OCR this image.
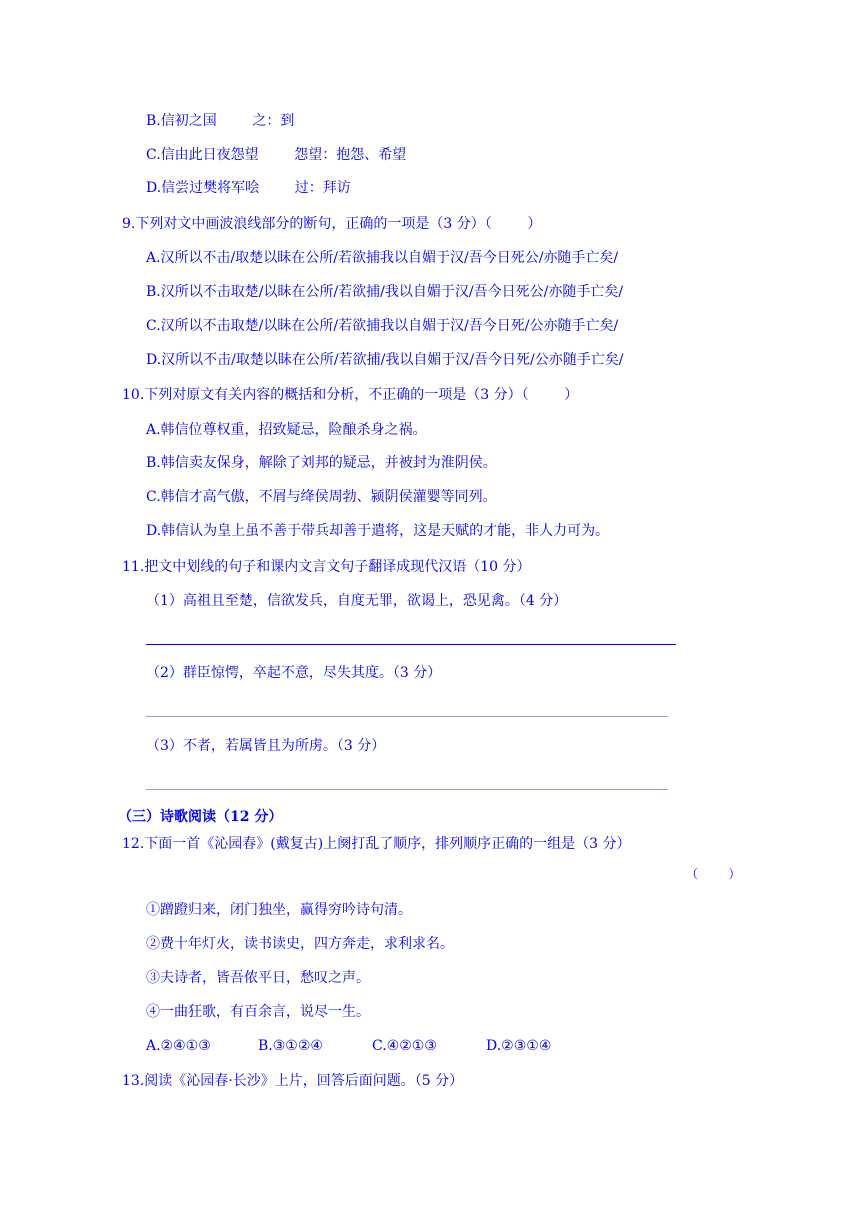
B.信初之国        之：到
C.信由此日夜怨望        怨望：抱怨、希望
D.信尝过樊将军哙        过：拜访
9.下列对文中画波浪线部分的断句，正确的一项是（3 分）（        ）
A.汉所以不击/取楚以眛在公所/若欲捕我以自媚于汉/吾今日死公/亦随手亡矣/
B.汉所以不击取楚/以眛在公所/若欲捕/我以自媚于汉/吾今日死公/亦随手亡矣/
C.汉所以不击取楚/以眛在公所/若欲捕我以自媚于汉/吾今日死/公亦随手亡矣/
D.汉所以不击/取楚以眛在公所/若欲捕/我以自媚于汉/吾今日死/公亦随手亡矣/
10.下列对原文有关内容的概括和分析，不正确的一项是（3 分）（        ）
A.韩信位尊权重，招致疑忌，险酿杀身之祸。
B.韩信卖友保身，解除了刘邦的疑忌，并被封为淮阴侯。
C.韩信才高气傲，不屑与绛侯周勃、颍阴侯灌婴等同列。
D.韩信认为皇上虽不善于带兵却善于遣将，这是天赋的才能，非人力可为。
11.把文中划线的句子和课内文言文句子翻译成现代汉语（10 分）
（1）高祖且至楚，信欲发兵，自度无罪，欲谒上，恐见禽。（4 分）
（2）群臣惊愕，卒起不意，尽失其度。（3 分）
（3）不者，若属皆且为所虏。（3 分）
（三）诗歌阅读（12 分）
12.下面一首《沁园春》(戴复古)上阕打乱了顺序，排列顺序正确的一组是（3 分）
（        ）
①蹭蹬归来，闭门独坐，赢得穷吟诗句清。
②费十年灯火，读书读史，四方奔走，求利求名。
③夫诗者，皆吾侬平日，愁叹之声。
④一曲狂歌，有百余言，说尽一生。
A.②④①③	B.③①②④	C.④②①③	D.②③①④
13.阅读《沁园春·长沙》上片，回答后面问题。（5 分）
